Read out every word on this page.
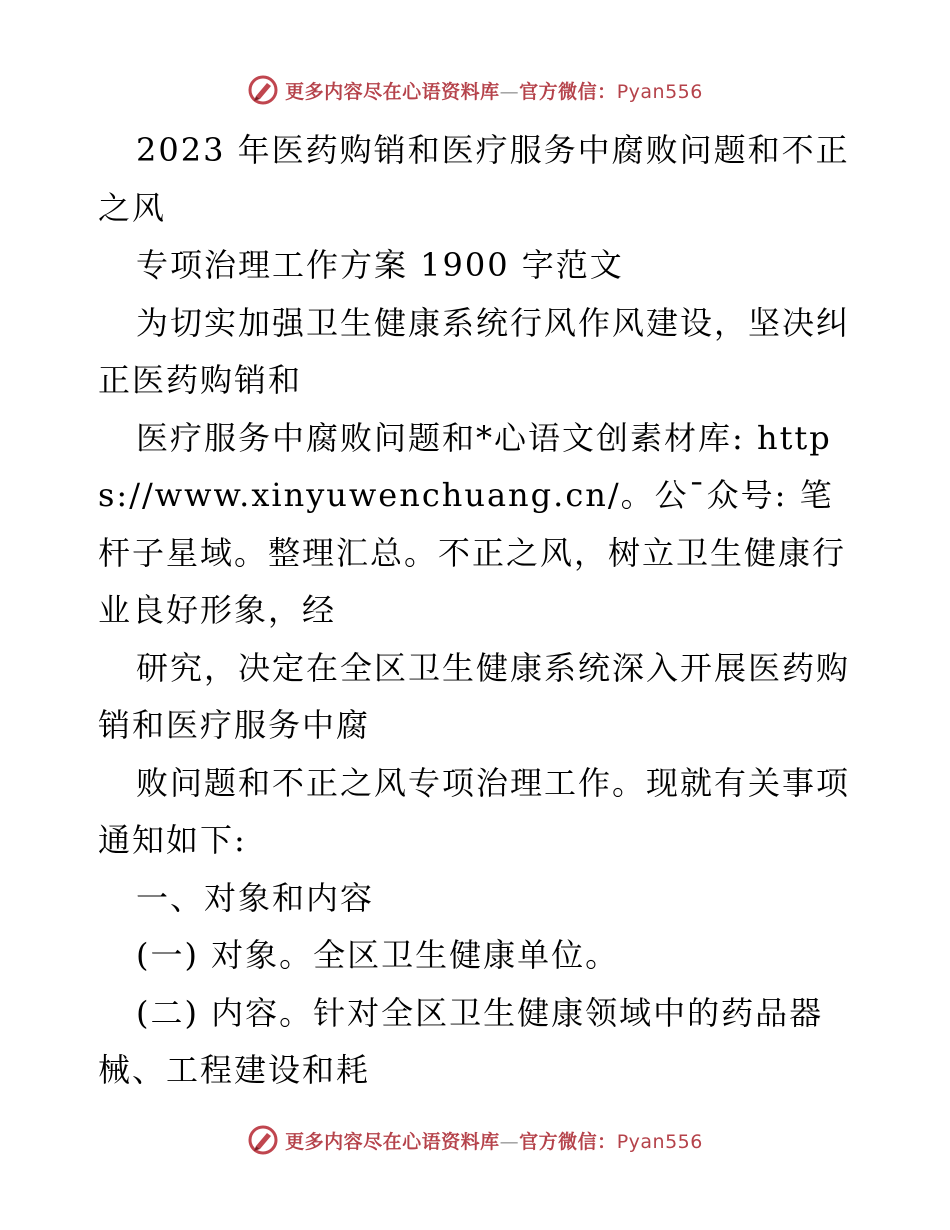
更多内容尽在心语资料库—官方微信：Pyan556

2023 年医药购销和医疗服务中腐败问题和不正之风

专项治理工作方案 1900 字范文

为切实加强卫生健康系统行风作风建设，坚决纠正医药购销和

医疗服务中腐败问题和*心语文创素材库: https://www.xinyuwenchuang.cn/。公¯众号: 笔杆子星域。整理汇总。不正之风，树立卫生健康行业良好形象，经

研究，决定在全区卫生健康系统深入开展医药购销和医疗服务中腐

败问题和不正之风专项治理工作。现就有关事项通知如下:

一、对象和内容

(一) 对象。全区卫生健康单位。

(二) 内容。针对全区卫生健康领域中的药品器械、工程建设和耗

更多内容尽在心语资料库—官方微信：Pyan556
